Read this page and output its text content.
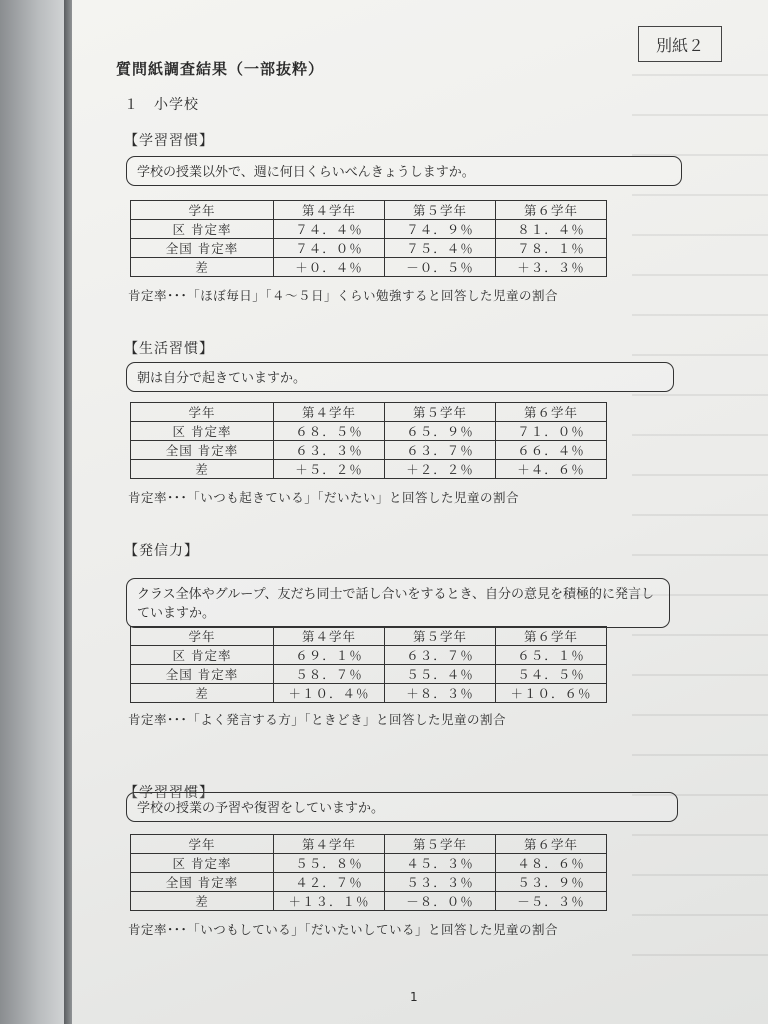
別紙２
質問紙調査結果（一部抜粋）
１　小学校
【学習習慣】
学校の授業以外で、週に何日くらいべんきょうしますか。
学年	第４学年	第５学年	第６学年
区 肯定率	７４．４％	７４．９％	８１．４％
全国 肯定率	７４．０％	７５．４％	７８．１％
差	＋０．４％	－０．５％	＋３．３％
肯定率･･･「ほぼ毎日」「４～５日」くらい勉強すると回答した児童の割合
【生活習慣】
朝は自分で起きていますか。
学年	第４学年	第５学年	第６学年
区 肯定率	６８．５％	６５．９％	７１．０％
全国 肯定率	６３．３％	６３．７％	６６．４％
差	＋５．２％	＋２．２％	＋４．６％
肯定率･･･「いつも起きている」「だいたい」と回答した児童の割合
【発信力】
クラス全体やグループ、友だち同士で話し合いをするとき、自分の意見を積極的に発言していますか。
学年	第４学年	第５学年	第６学年
区 肯定率	６９．１％	６３．７％	６５．１％
全国 肯定率	５８．７％	５５．４％	５４．５％
差	＋１０．４％	＋８．３％	＋１０．６％
肯定率･･･「よく発言する方」「ときどき」と回答した児童の割合
【学習習慣】
学校の授業の予習や復習をしていますか。
学年	第４学年	第５学年	第６学年
区 肯定率	５５．８％	４５．３％	４８．６％
全国 肯定率	４２．７％	５３．３％	５３．９％
差	＋１３．１％	－８．０％	－５．３％
肯定率･･･「いつもしている」「だいたいしている」と回答した児童の割合
1
